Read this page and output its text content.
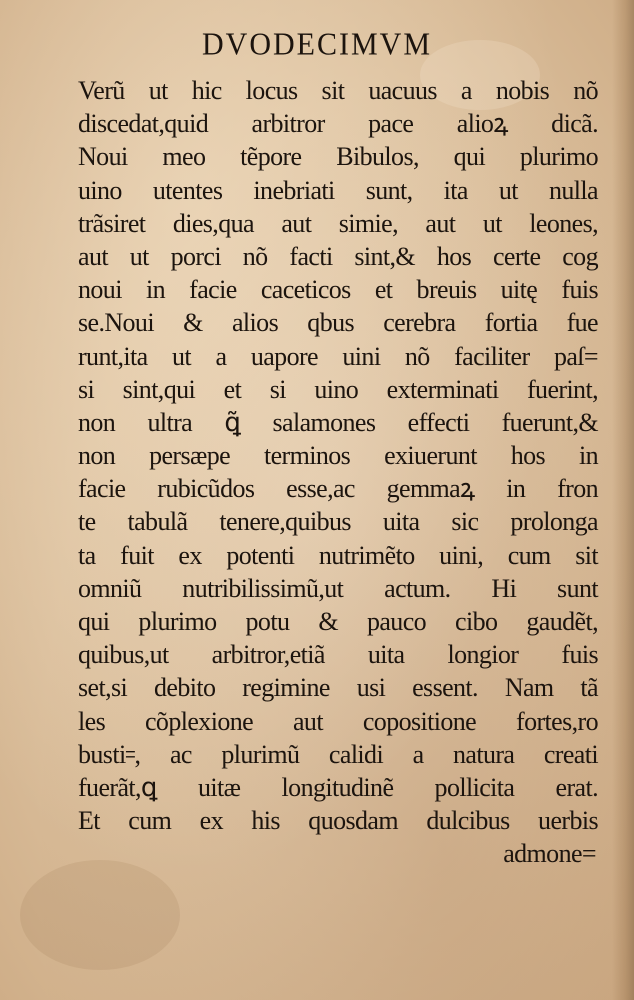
DVODECIMVM
Verũ ut hic locus sit uacuus a nobis nõ
discedat,quid arbitror pace alioꝝ dicã.
Noui meo tẽpore Bibulos, qui plurimo
uino utentes inebriati sunt, ita ut nulla
trãsiret dies,qua aut simie, aut ut leones,
aut ut porci nõ facti sint,& hos certe cog
noui in facie caceticos et breuis uitę fuis
se.Noui & alios qbus cerebra fortia fue
runt,ita ut a uapore uini nõ faciliter paſ=
si sint,qui et si uino exterminati fuerint,
non ultra ꝗ̃ salamones effecti fuerunt,&
non persæpe terminos exiuerunt hos in
facie rubicũdos esse,ac gemmaꝝ in fron
te tabulã tenere,quibus uita sic prolonga
ta fuit ex potenti nutrimẽto uini, cum sit
omniũ nutribilissimũ,ut actum. Hi sunt
qui plurimo potu & pauco cibo gaudẽt,
quibus,ut arbitror,etiã uita longior fuis
set,si debito regimine usi essent. Nam tã
les cõplexione aut copositione fortes,ro
busti꞊, ac plurimũ calidi a natura creati
fuerãt,ꝗ uitæ longitudinẽ pollicita erat.
Et cum ex his quosdam dulcibus uerbis
admone=
